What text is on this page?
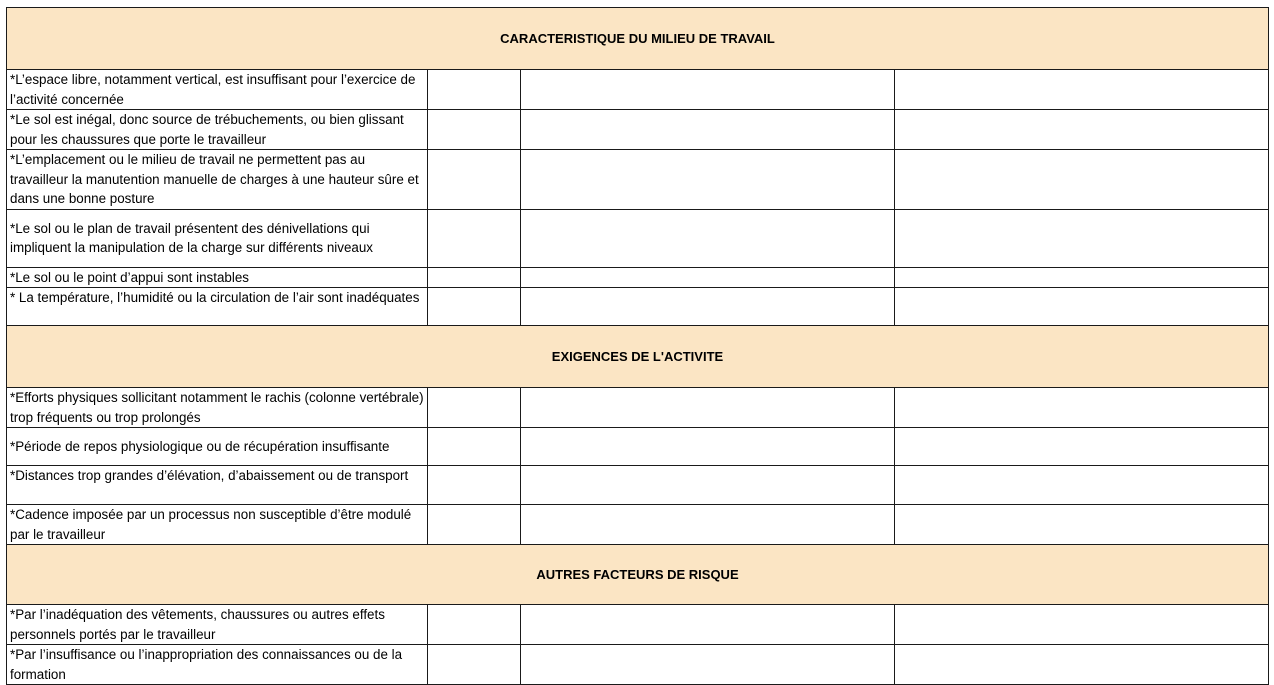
CARACTERISTIQUE DU MILIEU DE TRAVAIL			
*L’espace libre, notamment vertical, est insuffisant pour l’exercice de l’activité concernée			
*Le sol est inégal, donc source de trébuchements, ou bien glissant pour les chaussures que porte le travailleur			
*L’emplacement ou le milieu de travail ne permettent pas au travailleur la manutention manuelle de charges à une hauteur sûre et dans une bonne posture			
*Le sol ou le plan de travail présentent des dénivellations qui impliquent la manipulation de la charge sur différents niveaux			
*Le sol ou le point d’appui sont instables			
* La température, l’humidité ou la circulation de l’air sont inadéquates			
EXIGENCES DE L'ACTIVITE			
*Efforts physiques sollicitant notamment le rachis (colonne vertébrale) trop fréquents ou trop prolongés			
*Période de repos physiologique ou de récupération insuffisante			
*Distances trop grandes d’élévation, d’abaissement ou de transport			
*Cadence imposée par un processus non susceptible d’être modulé par le travailleur			
AUTRES FACTEURS DE RISQUE			
*Par l’inadéquation des vêtements, chaussures ou autres effets personnels portés par le travailleur			
*Par l’insuffisance ou l’inappropriation des connaissances ou de la formation			
